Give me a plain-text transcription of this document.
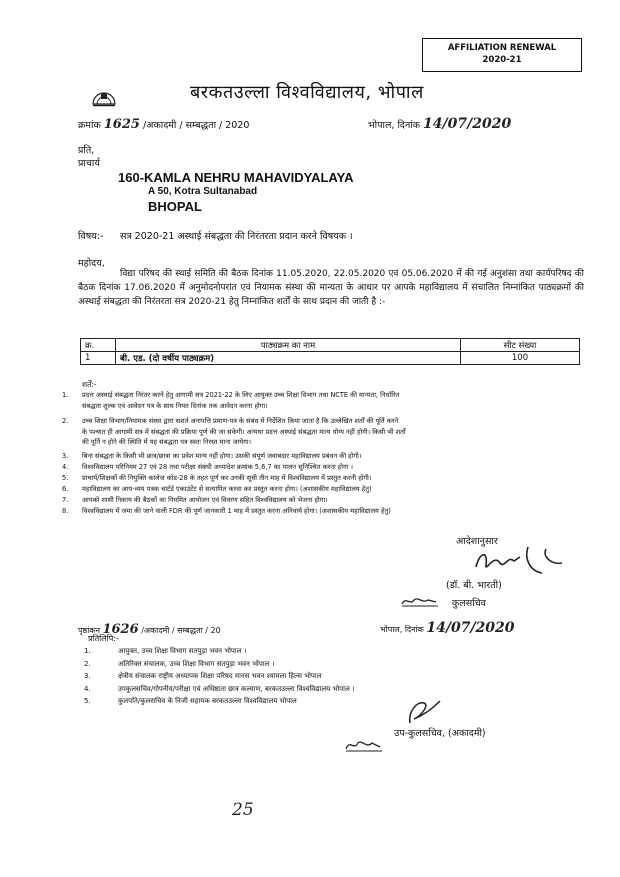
AFFILIATION RENEWAL
2020-21
बरकतउल्ला विश्वविद्यालय, भोपाल
क्रमांक 1625 /अकादमी / सम्बद्धता / 2020	भोपाल, दिनांक 14/07/2020
प्रति,
प्राचार्य
160-KAMLA NEHRU MAHAVIDYALAYA
A 50, Kotra Sultanabad
BHOPAL
विषय:- सत्र 2020-21 अस्थाई संबद्धता की निरंतरता प्रदान करने विषयक ।
महोदय,
विद्या परिषद की स्थाई समिति की बैठक दिनांक 11.05.2020, 22.05.2020 एवं 05.06.2020 में की गई अनुशंसा तथा कार्यपरिषद की बैठक दिनांक 17.06.2020 में अनुमोदनोपरांत एवं नियामक संस्था की मान्यता के आधार पर आपके महाविद्यालय में संचालित निम्नांकित पाठ्यक्रमों की अस्थाई संबद्धता की निरंतरता सत्र 2020-21 हेतु निम्नांकित शर्तों के साथ प्रदान की जाती है :-
क्र.	पाठ्यक्रम का नाम	सीट संख्या
1	बी. एड. (दो वर्षीय पाठ्यक्रम)	100
शर्तें:-
1. प्रदत्त अस्थाई संबद्धता निरंतर करने हेतु आगामी सत्र 2021-22 के लिए आयुक्त उच्च शिक्षा विभाग तथा NCTE की मान्यता, निर्धारित
संबद्धता शुल्क एवं आवेदन पत्र के साथ नियत दिनांक तक आवेदन करना होगा।
2. उच्च शिक्षा विभाग/नियामक संस्था द्वारा सशर्त अनापत्ति प्रमाण-पत्र के संबंध में निर्देशित किया जाता है कि उल्लेखित शर्तों की पूर्ति करने
के पश्चात ही आगामी सत्र में संबद्धता की प्रक्रिया पूर्ण की जा सकेगी। अन्यथा प्रदत्त अस्थाई संबद्धता मान्य योग्य नहीं होगी। किसी भी शर्तों
की पूर्ति न होने की स्थिति में यह संबद्धता पत्र स्वतः निरस्त माना जायेगा।
3. बिना संबद्धता के किसी भी छात्र/छात्रा का प्रवेश मान्य नहीं होगा। उसकी संपूर्ण जवाबदार महाविद्यालय प्रबंधन की होगी।
4. विश्वविद्यालय परिनियम 27 एवं 28 तथा परीक्षा संबंधी अध्यादेश क्रमांक 5,6,7 का पालन सुनिश्चित करना होगा ।
5. प्राचार्य/शिक्षकों की नियुक्ति कालेज कोड-28 के तहत पूर्ण कर उनकी सूची तीन माह में विश्वविद्यालय में प्रस्तुत करनी होगी।
6. महाविद्यालय का आय-व्यय पत्रक चार्टर्ड एकाउंटेंट से सत्यापित करवा कर प्रस्तुत करना होगा। (अशासकीय महाविद्यालय हेतु)
7. आपको शासी निकाय की बैठकों का नियमित आयोजन एवं विवरण सहित विश्वविद्यालय को भेजना होगा।
8. विश्वविद्यालय में जमा की जाने वाली FDR की पूर्ण जानकारी 1 माह में प्रस्तुत करना अनिवार्य होगा। (अशासकीय महाविद्यालय हेतु)
आदेशानुसार
(डॉ. बी. भारती)
कुलसचिव
पृष्ठांकन 1626 /अकादमी / सम्बद्धता / 20	भोपाल, दिनांक 14/07/2020
प्रतिलिपि:-
1.	आयुक्त, उच्च शिक्षा विभाग सतपुड़ा भवन भोपाल ।
2.	अतिरिक्त संचालक, उच्च शिक्षा विभाग सतपुड़ा भवन भोपाल ।
3.	क्षेत्रीय संचालक राष्ट्रीय अध्यापक शिक्षा परिषद मानस भवन श्यामला हिल्स भोपाल
4.	उपकुलसचिव/गोपनीय/परीक्षा एवं अधिष्ठाता छात्र कल्याण, बरकतउल्ला विश्वविद्यालय भोपाल ।
5.	कुलपति/कुलसचिव के निजी सहायक बरकतउल्ला विश्वविद्यालय भोपाल
उप-कुलसचिव, (अकादमी)
25
